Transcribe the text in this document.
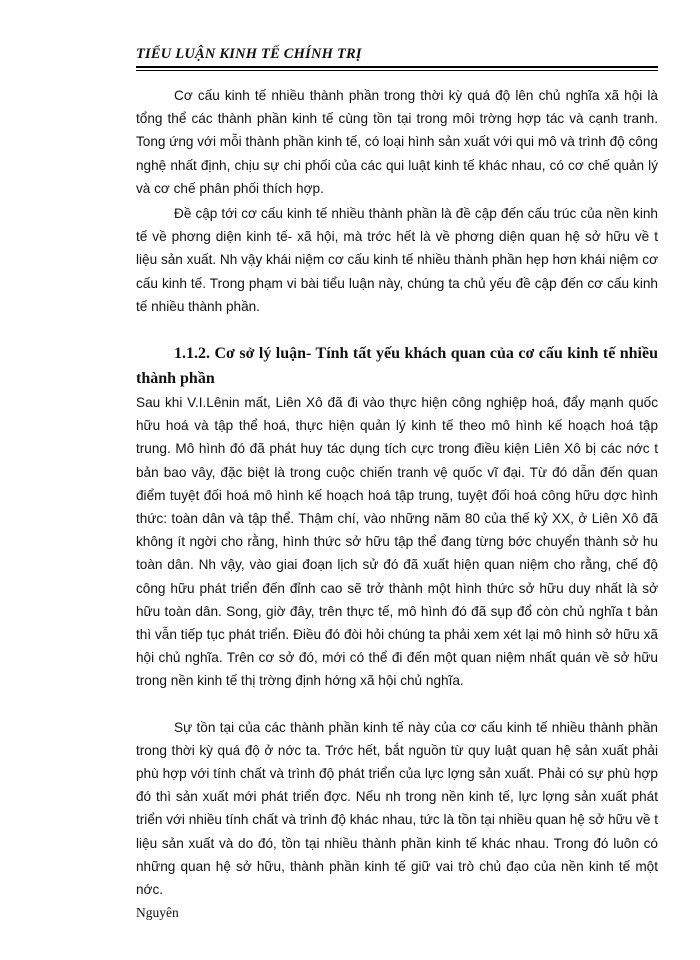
TIỂU LUẬN KINH TẾ CHÍNH TRỊ

Cơ cấu kinh tế nhiều thành phần trong thời kỳ quá độ lên chủ nghĩa xã hội là tổng thể các thành phần kinh tế cùng tồn tại trong môi trờng hợp tác và cạnh tranh. Tong ứng với mỗi thành phần kinh tế, có loại hình sản xuất với qui mô và trình độ công nghệ nhất định, chịu sự chi phối của các qui luật kinh tế khác nhau, có cơ chế quản lý và cơ chế phân phối thích hợp.

Đề cập tới cơ cấu kinh tế nhiều thành phần là đề cập đến cấu trúc của nền kinh tế về phơng diện kinh tế- xã hội, mà trớc hết là về phơng diện quan hệ sở hữu về t liệu sản xuất. Nh vậy khái niệm cơ cấu kinh tế nhiều thành phần hẹp hơn khái niệm cơ cấu kinh tế. Trong phạm vi bài tiểu luận này, chúng ta chủ yếu đề cập đến cơ cấu kinh tế nhiều thành phần.

1.1.2. Cơ sở lý luận- Tính tất yếu khách quan của cơ cấu kinh tế nhiều thành phần

Sau khi V.I.Lênin mất, Liên Xô đã đi vào thực hiện công nghiệp hoá, đẩy mạnh quốc hữu hoá và tập thể hoá, thực hiện quản lý kinh tế theo mô hình kế hoạch hoá tập trung. Mô hình đó đã phát huy tác dụng tích cực trong điều kiện Liên Xô bị các nớc t bản bao vây, đặc biệt là trong cuộc chiến tranh vệ quốc vĩ đại. Từ đó dẫn đến quan điểm tuyệt đối hoá mô hình kế hoạch hoá tập trung, tuyệt đối hoá công hữu dợc hình thức: toàn dân và tập thể. Thậm chí, vào những năm 80 của thế kỷ XX, ở Liên Xô đã không ít ngời cho rằng, hình thức sở hữu tập thể đang từng bớc chuyển thành sở hu toàn dân. Nh vậy, vào giai đoạn lịch sử đó đã xuất hiện quan niệm cho rằng, chế độ công hữu phát triển đến đỉnh cao sẽ trở thành một hình thức sở hữu duy nhất là sở hữu toàn dân. Song, giờ đây, trên thực tế, mô hình đó đã sụp đổ còn chủ nghĩa t bản thì vẫn tiếp tục phát triển. Điều đó đòi hỏi chúng ta phải xem xét lại mô hình sở hữu xã hội chủ nghĩa. Trên cơ sở đó, mới có thể đi đến một quan niệm nhất quán về sở hữu trong nền kinh tế thị trờng định hớng xã hội chủ nghĩa.

Sự tồn tại của các thành phần kinh tế này của cơ cấu kinh tế nhiều thành phần trong thời kỳ quá độ ở nớc ta. Trớc hết, bắt nguồn từ quy luật quan hệ sản xuất phải phù hợp với tính chất và trình độ phát triển của lực lợng sản xuất. Phải có sự phù hợp đó thì sản xuất mới phát triển đợc. Nếu nh trong nền kinh tế, lực lợng sản xuất phát triển với nhiều tính chất và trình độ khác nhau, tức là tồn tại nhiều quan hệ sở hữu về t liệu sản xuất và do đó, tồn tại nhiều thành phần kinh tế khác nhau. Trong đó luôn có những quan hệ sở hữu, thành phần kinh tế giữ vai trò chủ đạo của nền kinh tế một nớc.

Nguyên
